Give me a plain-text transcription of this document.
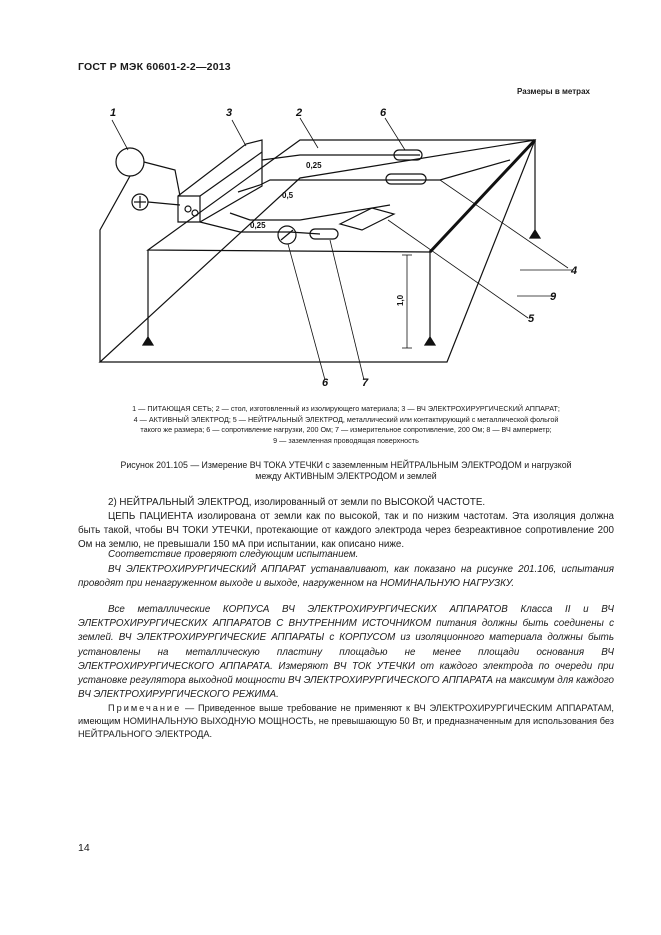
ГОСТ Р МЭК 60601-2-2—2013
Размеры в метрах
1	3	2	6
4
9
5
6	7
0,25
0,5
0,25
1,0
1 — ПИТАЮЩАЯ СЕТЬ; 2 — стол, изготовленный из изолирующего материала; 3 — ВЧ ЭЛЕКТРОХИРУРГИЧЕСКИЙ АППАРАТ;
4 — АКТИВНЫЙ ЭЛЕКТРОД; 5 — НЕЙТРАЛЬНЫЙ ЭЛЕКТРОД, металлический или контактирующий с металлической фольгой
такого же размера; 6 — сопротивление нагрузки, 200 Ом; 7 — измерительное сопротивление, 200 Ом; 8 — ВЧ амперметр;
9 — заземленная проводящая поверхность
Рисунок 201.105 — Измерение ВЧ ТОКА УТЕЧКИ с заземленным НЕЙТРАЛЬНЫМ ЭЛЕКТРОДОМ и нагрузкой
между АКТИВНЫМ ЭЛЕКТРОДОМ и землей
2) НЕЙТРАЛЬНЫЙ ЭЛЕКТРОД, изолированный от земли по ВЫСОКОЙ ЧАСТОТЕ.
ЦЕПЬ ПАЦИЕНТА изолирована от земли как по высокой, так и по низким частотам. Эта изоляция должна быть такой, чтобы ВЧ ТОКИ УТЕЧКИ, протекающие от каждого электрода через безреактивное сопротивление 200 Ом на землю, не превышали 150 мА при испытании, как описано ниже.
Соответствие проверяют следующим испытанием.
ВЧ ЭЛЕКТРОХИРУРГИЧЕСКИЙ АППАРАТ устанавливают, как показано на рисунке 201.106, испытания проводят при ненагруженном выходе и выходе, нагруженном на НОМИНАЛЬНУЮ НАГРУЗКУ.
Все металлические КОРПУСА ВЧ ЭЛЕКТРОХИРУРГИЧЕСКИХ АППАРАТОВ Класса II и ВЧ ЭЛЕКТРОХИРУРГИЧЕСКИХ АППАРАТОВ С ВНУТРЕННИМ ИСТОЧНИКОМ питания должны быть соединены с землей. ВЧ ЭЛЕКТРОХИРУРГИЧЕСКИЕ АППАРАТЫ с КОРПУСОМ из изоляционного материала должны быть установлены на металлическую пластину площадью не менее площади основания ВЧ ЭЛЕКТРОХИРУРГИЧЕСКОГО АППАРАТА. Измеряют ВЧ ТОК УТЕЧКИ от каждого электрода по очереди при установке регулятора выходной мощности ВЧ ЭЛЕКТРОХИРУРГИЧЕСКОГО АППАРАТА на максимум для каждого ВЧ ЭЛЕКТРОХИРУРГИЧЕСКОГО РЕЖИМА.
Примечание — Приведенное выше требование не применяют к ВЧ ЭЛЕКТРОХИРУРГИЧЕСКИМ АППАРАТАМ, имеющим НОМИНАЛЬНУЮ ВЫХОДНУЮ МОЩНОСТЬ, не превышающую 50 Вт, и предназначенным для использования без НЕЙТРАЛЬНОГО ЭЛЕКТРОДА.
14
